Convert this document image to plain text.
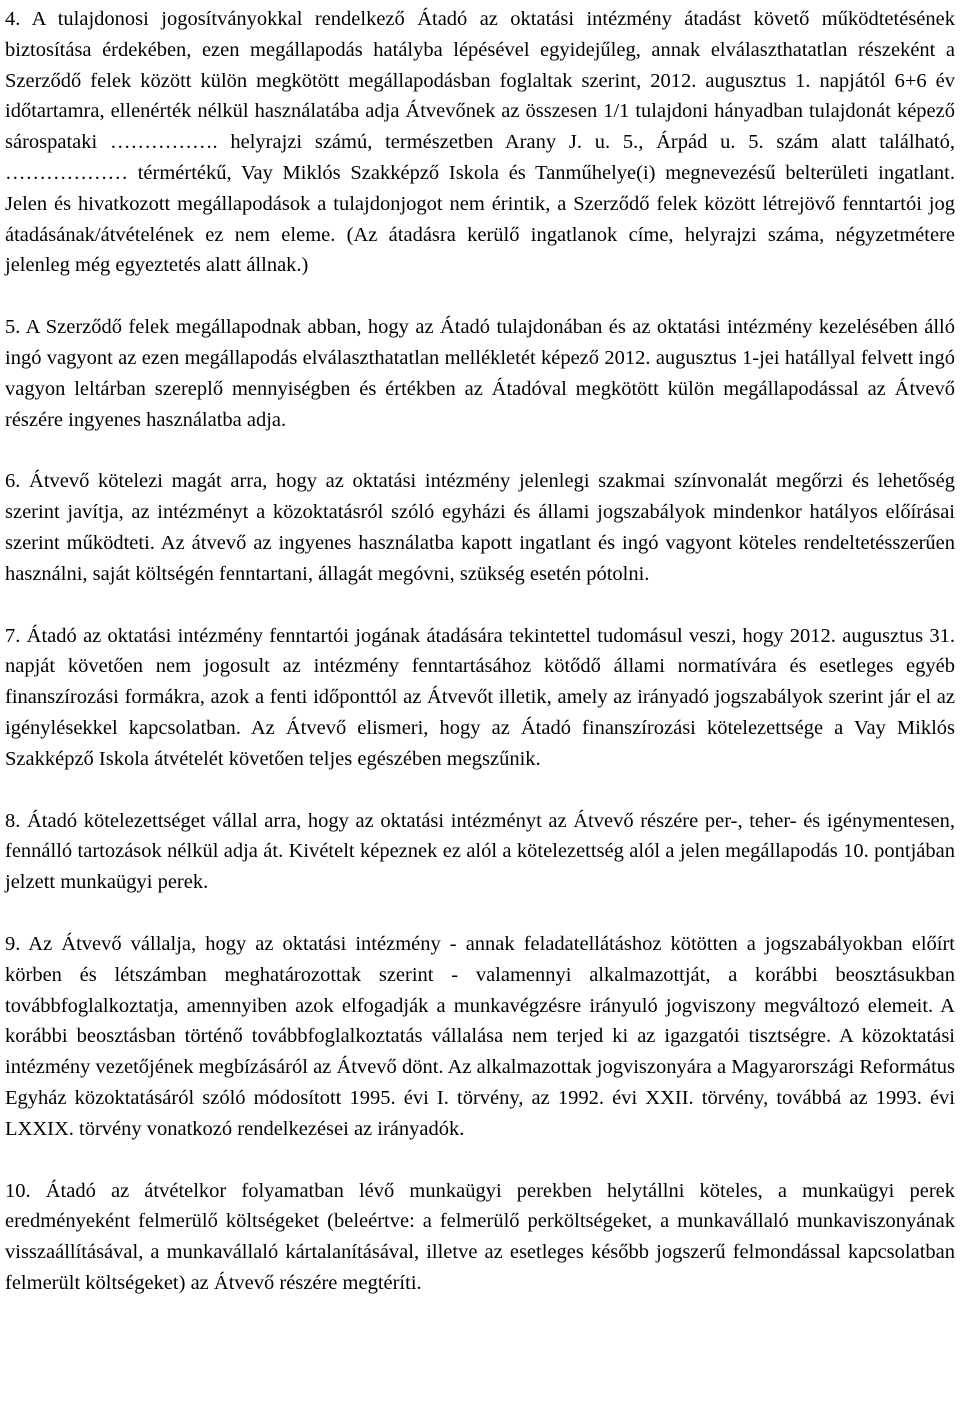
4. A tulajdonosi jogosítványokkal rendelkező Átadó az oktatási intézmény átadást követő működtetésének biztosítása érdekében, ezen megállapodás hatályba lépésével egyidejűleg, annak elválaszthatatlan részeként a Szerződő felek között külön megkötött megállapodásban foglaltak szerint, 2012. augusztus 1. napjától 6+6 év időtartamra, ellenérték nélkül használatába adja Átvevőnek az összesen 1/1 tulajdoni hányadban tulajdonát képező sárospataki ……………. helyrajzi számú, természetben Arany J. u. 5., Árpád u. 5. szám alatt található, ……………… térmértékű, Vay Miklós Szakképző Iskola és Tanműhelye(i) megnevezésű belterületi ingatlant. Jelen és hivatkozott megállapodások a tulajdonjogot nem érintik, a Szerződő felek között létrejövő fenntartói jog átadásának/átvételének ez nem eleme. (Az átadásra kerülő ingatlanok címe, helyrajzi száma, négyzetmétere jelenleg még egyeztetés alatt állnak.)

5. A Szerződő felek megállapodnak abban, hogy az Átadó tulajdonában és az oktatási intézmény kezelésében álló ingó vagyont az ezen megállapodás elválaszthatatlan mellékletét képező 2012. augusztus 1-jei hatállyal felvett ingó vagyon leltárban szereplő mennyiségben és értékben az Átadóval megkötött külön megállapodással az Átvevő részére ingyenes használatba adja.

6. Átvevő kötelezi magát arra, hogy az oktatási intézmény jelenlegi szakmai színvonalát megőrzi és lehetőség szerint javítja, az intézményt a közoktatásról szóló egyházi és állami jogszabályok mindenkor hatályos előírásai szerint működteti. Az átvevő az ingyenes használatba kapott ingatlant és ingó vagyont köteles rendeltetésszerűen használni, saját költségén fenntartani, állagát megóvni, szükség esetén pótolni.

7. Átadó az oktatási intézmény fenntartói jogának átadására tekintettel tudomásul veszi, hogy 2012. augusztus 31. napját követően nem jogosult az intézmény fenntartásához kötődő állami normatívára és esetleges egyéb finanszírozási formákra, azok a fenti időponttól az Átvevőt illetik, amely az irányadó jogszabályok szerint jár el az igénylésekkel kapcsolatban. Az Átvevő elismeri, hogy az Átadó finanszírozási kötelezettsége a Vay Miklós Szakképző Iskola átvételét követően teljes egészében megszűnik.

8. Átadó kötelezettséget vállal arra, hogy az oktatási intézményt az Átvevő részére per-, teher- és igénymentesen, fennálló tartozások nélkül adja át. Kivételt képeznek ez alól a kötelezettség alól a jelen megállapodás 10. pontjában jelzett munkaügyi perek.

9. Az Átvevő vállalja, hogy az oktatási intézmény - annak feladatellátáshoz kötötten a jogszabályokban előírt körben és létszámban meghatározottak szerint - valamennyi alkalmazottját, a korábbi beosztásukban továbbfoglalkoztatja, amennyiben azok elfogadják a munkavégzésre irányuló jogviszony megváltozó elemeit. A korábbi beosztásban történő továbbfoglalkoztatás vállalása nem terjed ki az igazgatói tisztségre. A közoktatási intézmény vezetőjének megbízásáról az Átvevő dönt. Az alkalmazottak jogviszonyára a Magyarországi Református Egyház közoktatásáról szóló módosított 1995. évi I. törvény, az 1992. évi XXII. törvény, továbbá az 1993. évi LXXIX. törvény vonatkozó rendelkezései az irányadók.

10. Átadó az átvételkor folyamatban lévő munkaügyi perekben helytállni köteles, a munkaügyi perek eredményeként felmerülő költségeket (beleértve: a felmerülő perköltségeket, a munkavállaló munkaviszonyának visszaállításával, a munkavállaló kártalanításával, illetve az esetleges később jogszerű felmondással kapcsolatban felmerült költségeket) az Átvevő részére megtéríti.
